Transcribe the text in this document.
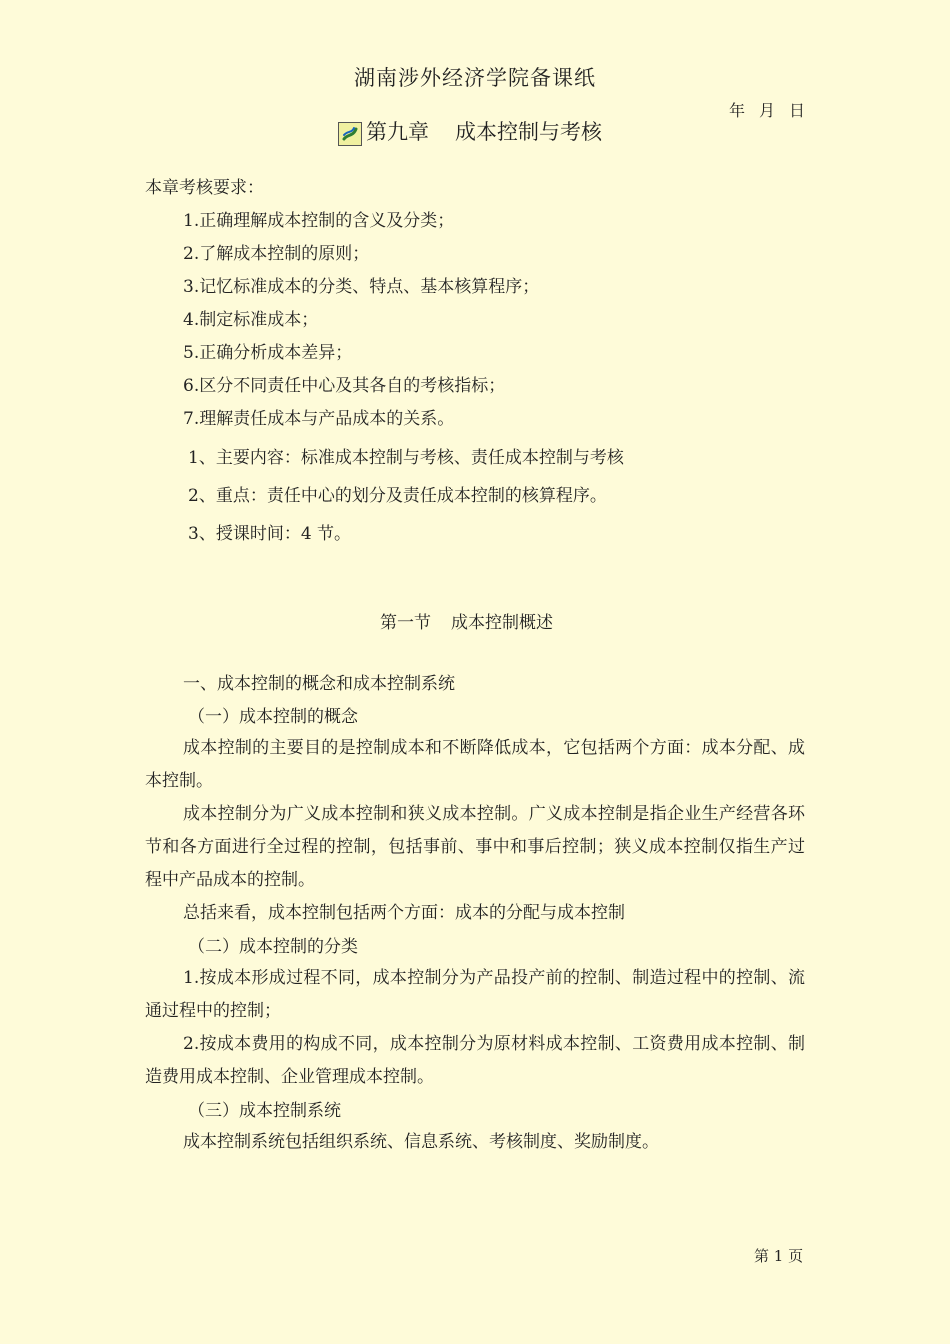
湖南涉外经济学院备课纸
年 月 日
第九章 成本控制与考核
本章考核要求：
1.正确理解成本控制的含义及分类；
2.了解成本控制的原则；
3.记忆标准成本的分类、特点、基本核算程序；
4.制定标准成本；
5.正确分析成本差异；
6.区分不同责任中心及其各自的考核指标；
7.理解责任成本与产品成本的关系。
1、主要内容：标准成本控制与考核、责任成本控制与考核
2、重点：责任中心的划分及责任成本控制的核算程序。
3、授课时间：4 节。
第一节 成本控制概述
一、成本控制的概念和成本控制系统
（一）成本控制的概念
成本控制的主要目的是控制成本和不断降低成本，它包括两个方面：成本分配、成本控制。
成本控制分为广义成本控制和狭义成本控制。广义成本控制是指企业生产经营各环节和各方面进行全过程的控制，包括事前、事中和事后控制；狭义成本控制仅指生产过程中产品成本的控制。
总括来看，成本控制包括两个方面：成本的分配与成本控制
（二）成本控制的分类
1.按成本形成过程不同，成本控制分为产品投产前的控制、制造过程中的控制、流通过程中的控制；
2.按成本费用的构成不同，成本控制分为原材料成本控制、工资费用成本控制、制造费用成本控制、企业管理成本控制。
（三）成本控制系统
成本控制系统包括组织系统、信息系统、考核制度、奖励制度。
第 1 页
